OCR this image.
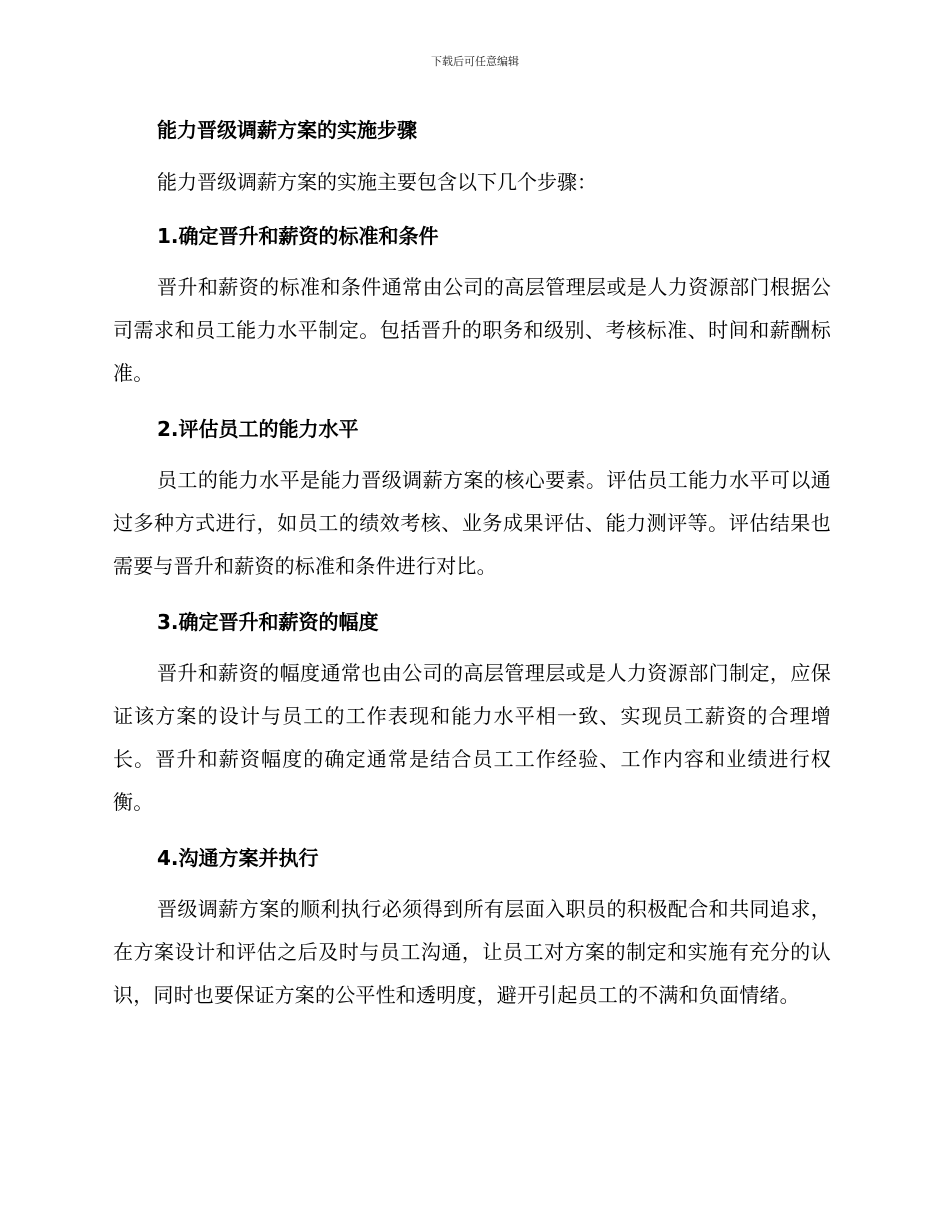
下载后可任意编辑
能力晋级调薪方案的实施步骤
能力晋级调薪方案的实施主要包含以下几个步骤：
1.确定晋升和薪资的标准和条件

晋升和薪资的标准和条件通常由公司的高层管理层或是人力资源部门根据公司需求和员工能力水平制定。包括晋升的职务和级别、考核标准、时间和薪酬标准。

2.评估员工的能力水平

员工的能力水平是能力晋级调薪方案的核心要素。评估员工能力水平可以通过多种方式进行，如员工的绩效考核、业务成果评估、能力测评等。评估结果也需要与晋升和薪资的标准和条件进行对比。

3.确定晋升和薪资的幅度

晋升和薪资的幅度通常也由公司的高层管理层或是人力资源部门制定，应保证该方案的设计与员工的工作表现和能力水平相一致、实现员工薪资的合理增长。晋升和薪资幅度的确定通常是结合员工工作经验、工作内容和业绩进行权衡。

4.沟通方案并执行

晋级调薪方案的顺利执行必须得到所有层面入职员的积极配合和共同追求，在方案设计和评估之后及时与员工沟通，让员工对方案的制定和实施有充分的认识，同时也要保证方案的公平性和透明度，避开引起员工的不满和负面情绪。
